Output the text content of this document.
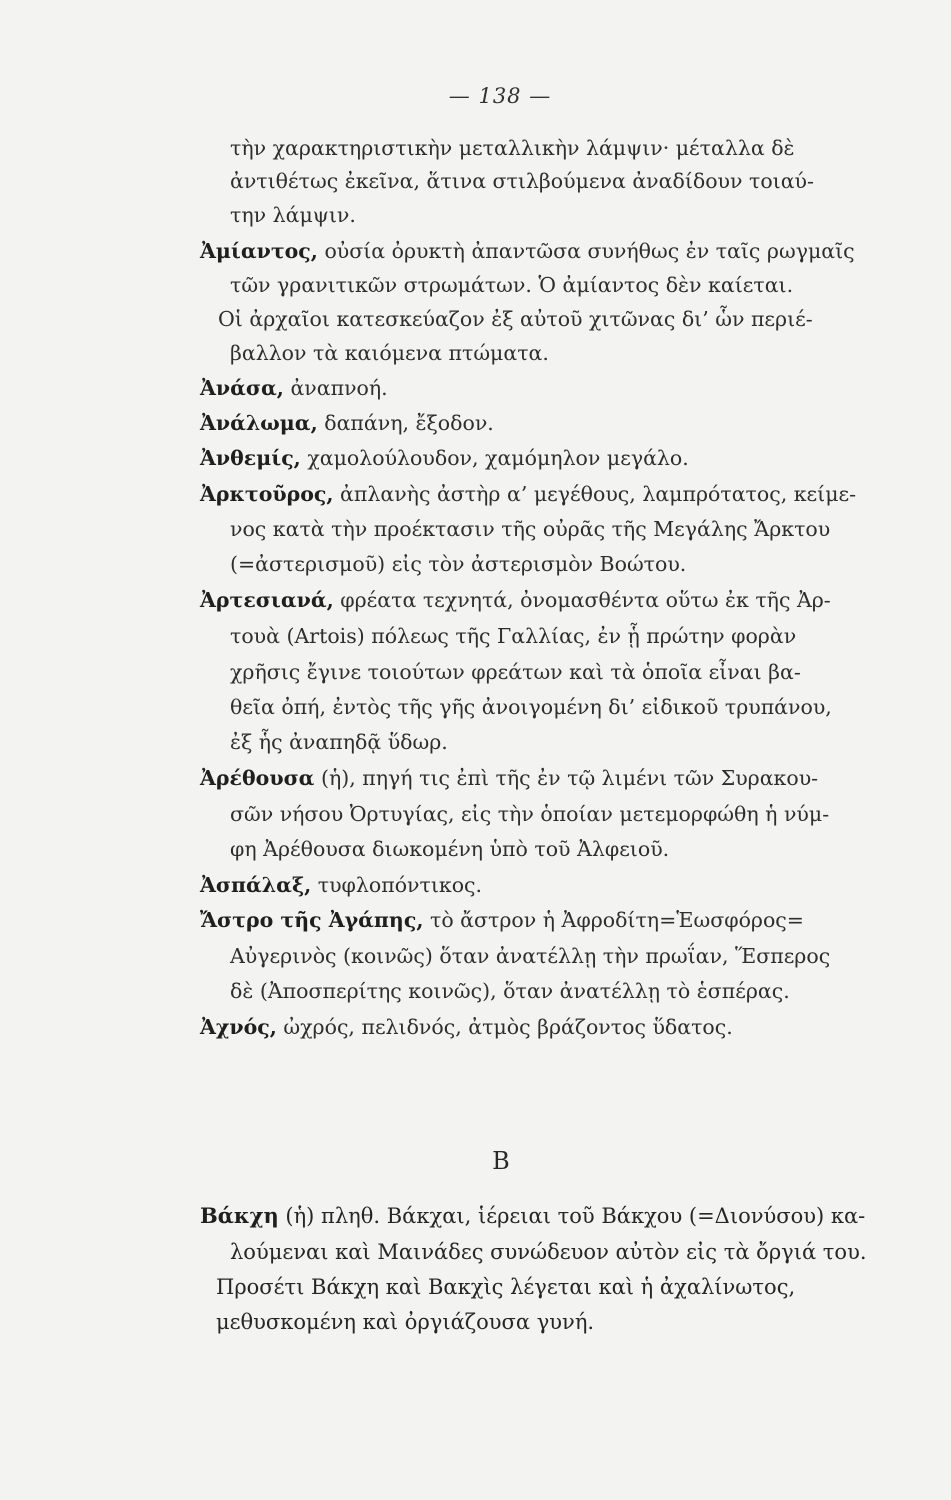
— 138 —
τὴν χαρακτηριστικὴν μεταλλικὴν λάμψιν· μέταλλα δὲ
ἀντιθέτως ἐκεῖνα, ἅτινα στιλβούμενα ἀναδίδουν τοιαύ-
την λάμψιν.
Ἀμίαντος, οὐσία ὀρυκτὴ ἀπαντῶσα συνήθως ἐν ταῖς ρωγμαῖς
τῶν γρανιτικῶν στρωμάτων. Ὁ ἀμίαντος δὲν καίεται.
Οἱ ἀρχαῖοι κατεσκεύαζον ἐξ αὐτοῦ χιτῶνας δι’ ὧν περιέ-
βαλλον τὰ καιόμενα πτώματα.
Ἀνάσα, ἀναπνοή.
Ἀνάλωμα, δαπάνη, ἔξοδον.
Ἀνθεμίς, χαμολούλουδον, χαμόμηλον μεγάλο.
Ἀρκτοῦρος, ἀπλανὴς ἀστὴρ α’ μεγέθους, λαμπρότατος, κείμε-
νος κατὰ τὴν προέκτασιν τῆς οὐρᾶς τῆς Μεγάλης Ἄρκτου
(=ἀστερισμοῦ) εἰς τὸν ἀστερισμὸν Βοώτου.
Ἀρτεσιανά, φρέατα τεχνητά, ὀνομασθέντα οὕτω ἐκ τῆς Ἀρ-
τουὰ (Artois) πόλεως τῆς Γαλλίας, ἐν ᾗ πρώτην φορὰν
χρῆσις ἔγινε τοιούτων φρεάτων καὶ τὰ ὁποῖα εἶναι βα-
θεῖα ὀπή, ἐντὸς τῆς γῆς ἀνοιγομένη δι’ εἰδικοῦ τρυπάνου,
ἐξ ἧς ἀναπηδᾷ ὕδωρ.
Ἀρέθουσα (ἡ), πηγή τις ἐπὶ τῆς ἐν τῷ λιμένι τῶν Συρακου-
σῶν νήσου Ὀρτυγίας, εἰς τὴν ὁποίαν μετεμορφώθη ἡ νύμ-
φη Ἀρέθουσα διωκομένη ὑπὸ τοῦ Ἀλφειοῦ.
Ἀσπάλαξ, τυφλοπόντικος.
Ἄστρο τῆς Ἀγάπης, τὸ ἄστρον ἡ Ἀφροδίτη=Ἑωσφόρος=
Αὐγερινὸς (κοινῶς) ὅταν ἀνατέλλῃ τὴν πρωΐαν, Ἕσπερος
δὲ (Ἀποσπερίτης κοινῶς), ὅταν ἀνατέλλῃ τὸ ἑσπέρας.
Ἀχνός, ὠχρός, πελιδνός, ἀτμὸς βράζοντος ὕδατος.
Β
Βάκχη (ἡ) πληθ. Βάκχαι, ἱέρειαι τοῦ Βάκχου (=Διονύσου) κα-
λούμεναι καὶ Μαινάδες συνώδευον αὐτὸν εἰς τὰ ὄργιά του.
Προσέτι Βάκχη καὶ Βακχὶς λέγεται καὶ ἡ ἀχαλίνωτος,
μεθυσκομένη καὶ ὀργιάζουσα γυνή.
